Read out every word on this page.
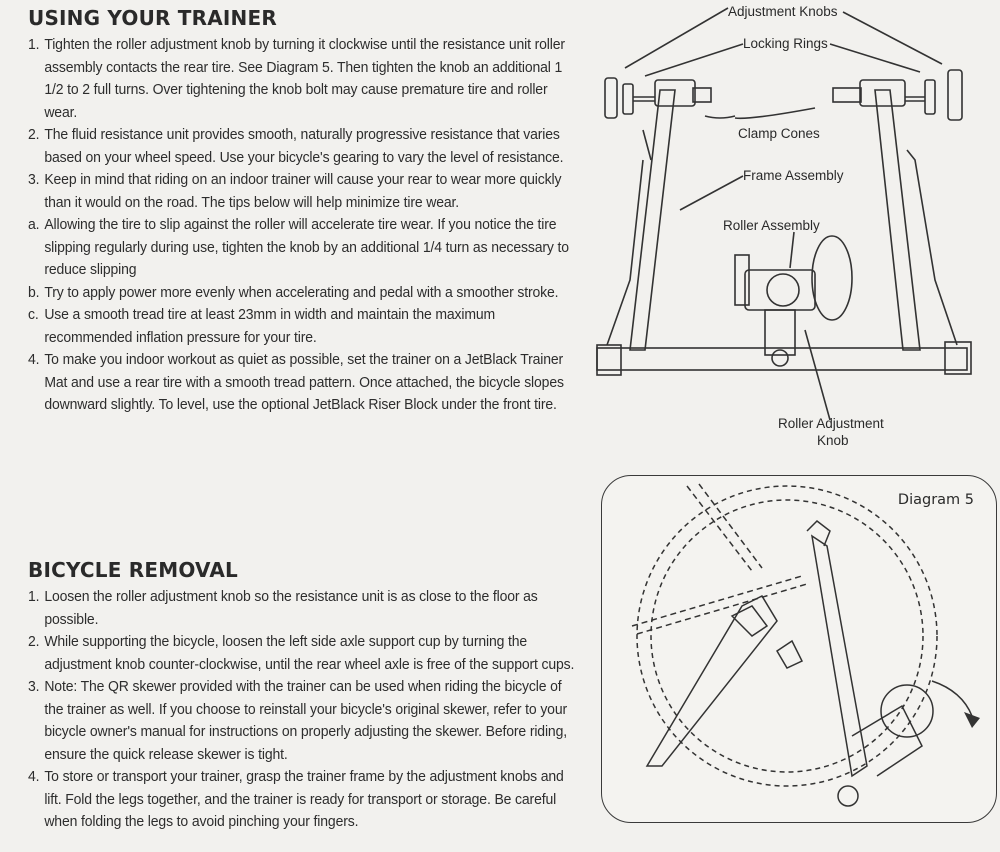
USING YOUR TRAINER
1. Tighten the roller adjustment knob by turning it clockwise until the resistance unit roller assembly contacts the rear tire. See Diagram 5. Then tighten the knob an additional 1 1/2 to 2 full turns. Over tightening the knob bolt may cause premature tire and roller wear.
2. The fluid resistance unit provides smooth, naturally progressive resistance that varies based on your wheel speed. Use your bicycle's gearing to vary the level of resistance.
3. Keep in mind that riding on an indoor trainer will cause your rear to wear more quickly than it would on the road. The tips below will help minimize tire wear.
a. Allowing the tire to slip against the roller will accelerate tire wear. If you notice the tire slipping regularly during use, tighten the knob by an additional 1/4 turn as necessary to reduce slipping
b. Try to apply power more evenly when accelerating and pedal with a smoother stroke.
c. Use a smooth tread tire at least 23mm in width and maintain the maximum recommended inflation pressure for your tire.
4. To make you indoor workout as quiet as possible, set the trainer on a JetBlack Trainer Mat and use a rear tire with a smooth tread pattern. Once attached, the bicycle slopes downward slightly. To level, use the optional JetBlack Riser Block under the front tire.
BICYCLE REMOVAL
1. Loosen the roller adjustment knob so the resistance unit is as close to the floor as possible.
2. While supporting the bicycle, loosen the left side axle support cup by turning the adjustment knob counter-clockwise, until the rear wheel axle is free of the support cups.
3. Note: The QR skewer provided with the trainer can be used when riding the bicycle of the trainer as well. If you choose to reinstall your bicycle's original skewer, refer to your bicycle owner's manual for instructions on properly adjusting the skewer. Before riding, ensure the quick release skewer is tight.
4. To store or transport your trainer, grasp the trainer frame by the adjustment knobs and lift. Fold the legs together, and the trainer is ready for transport or storage. Be careful when folding the legs to avoid pinching your fingers.
Adjustment Knobs
Locking Rings
Clamp Cones
Frame Assembly
Roller Assembly
Roller Adjustment
Knob
Diagram 5
